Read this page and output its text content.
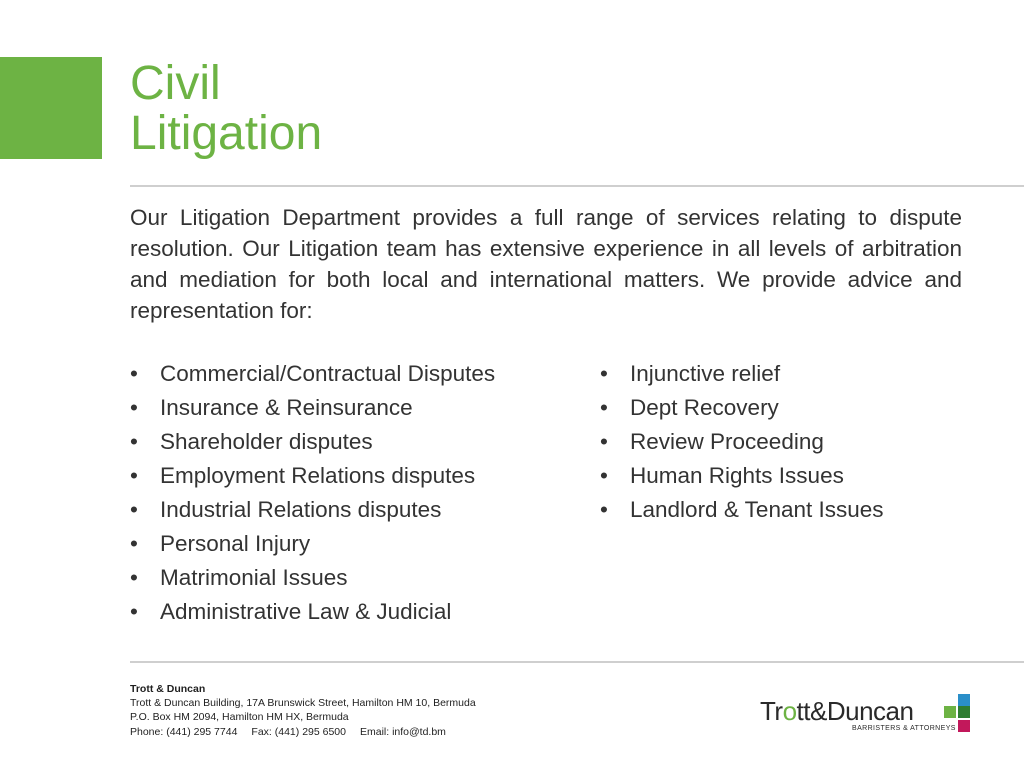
Civil
Litigation

Our Litigation Department provides a full range of services relating to dispute resolution. Our Litigation team has extensive experience in all levels of arbitration and mediation for both local and international matters. We provide advice and representation for:

• Commercial/Contractual Disputes
• Insurance & Reinsurance
• Shareholder disputes
• Employment Relations disputes
• Industrial Relations disputes
• Personal Injury
• Matrimonial Issues
• Administrative Law & Judicial
• Injunctive relief
• Dept Recovery
• Review Proceeding
• Human Rights Issues
• Landlord & Tenant Issues
Trott & Duncan
Trott & Duncan Building, 17A Brunswick Street, Hamilton HM 10, Bermuda
P.O. Box HM 2094, Hamilton HM HX, Bermuda
Phone: (441) 295 7744 Fax: (441) 295 6500 Email: info@td.bm
Trott&Duncan
BARRISTERS & ATTORNEYS
